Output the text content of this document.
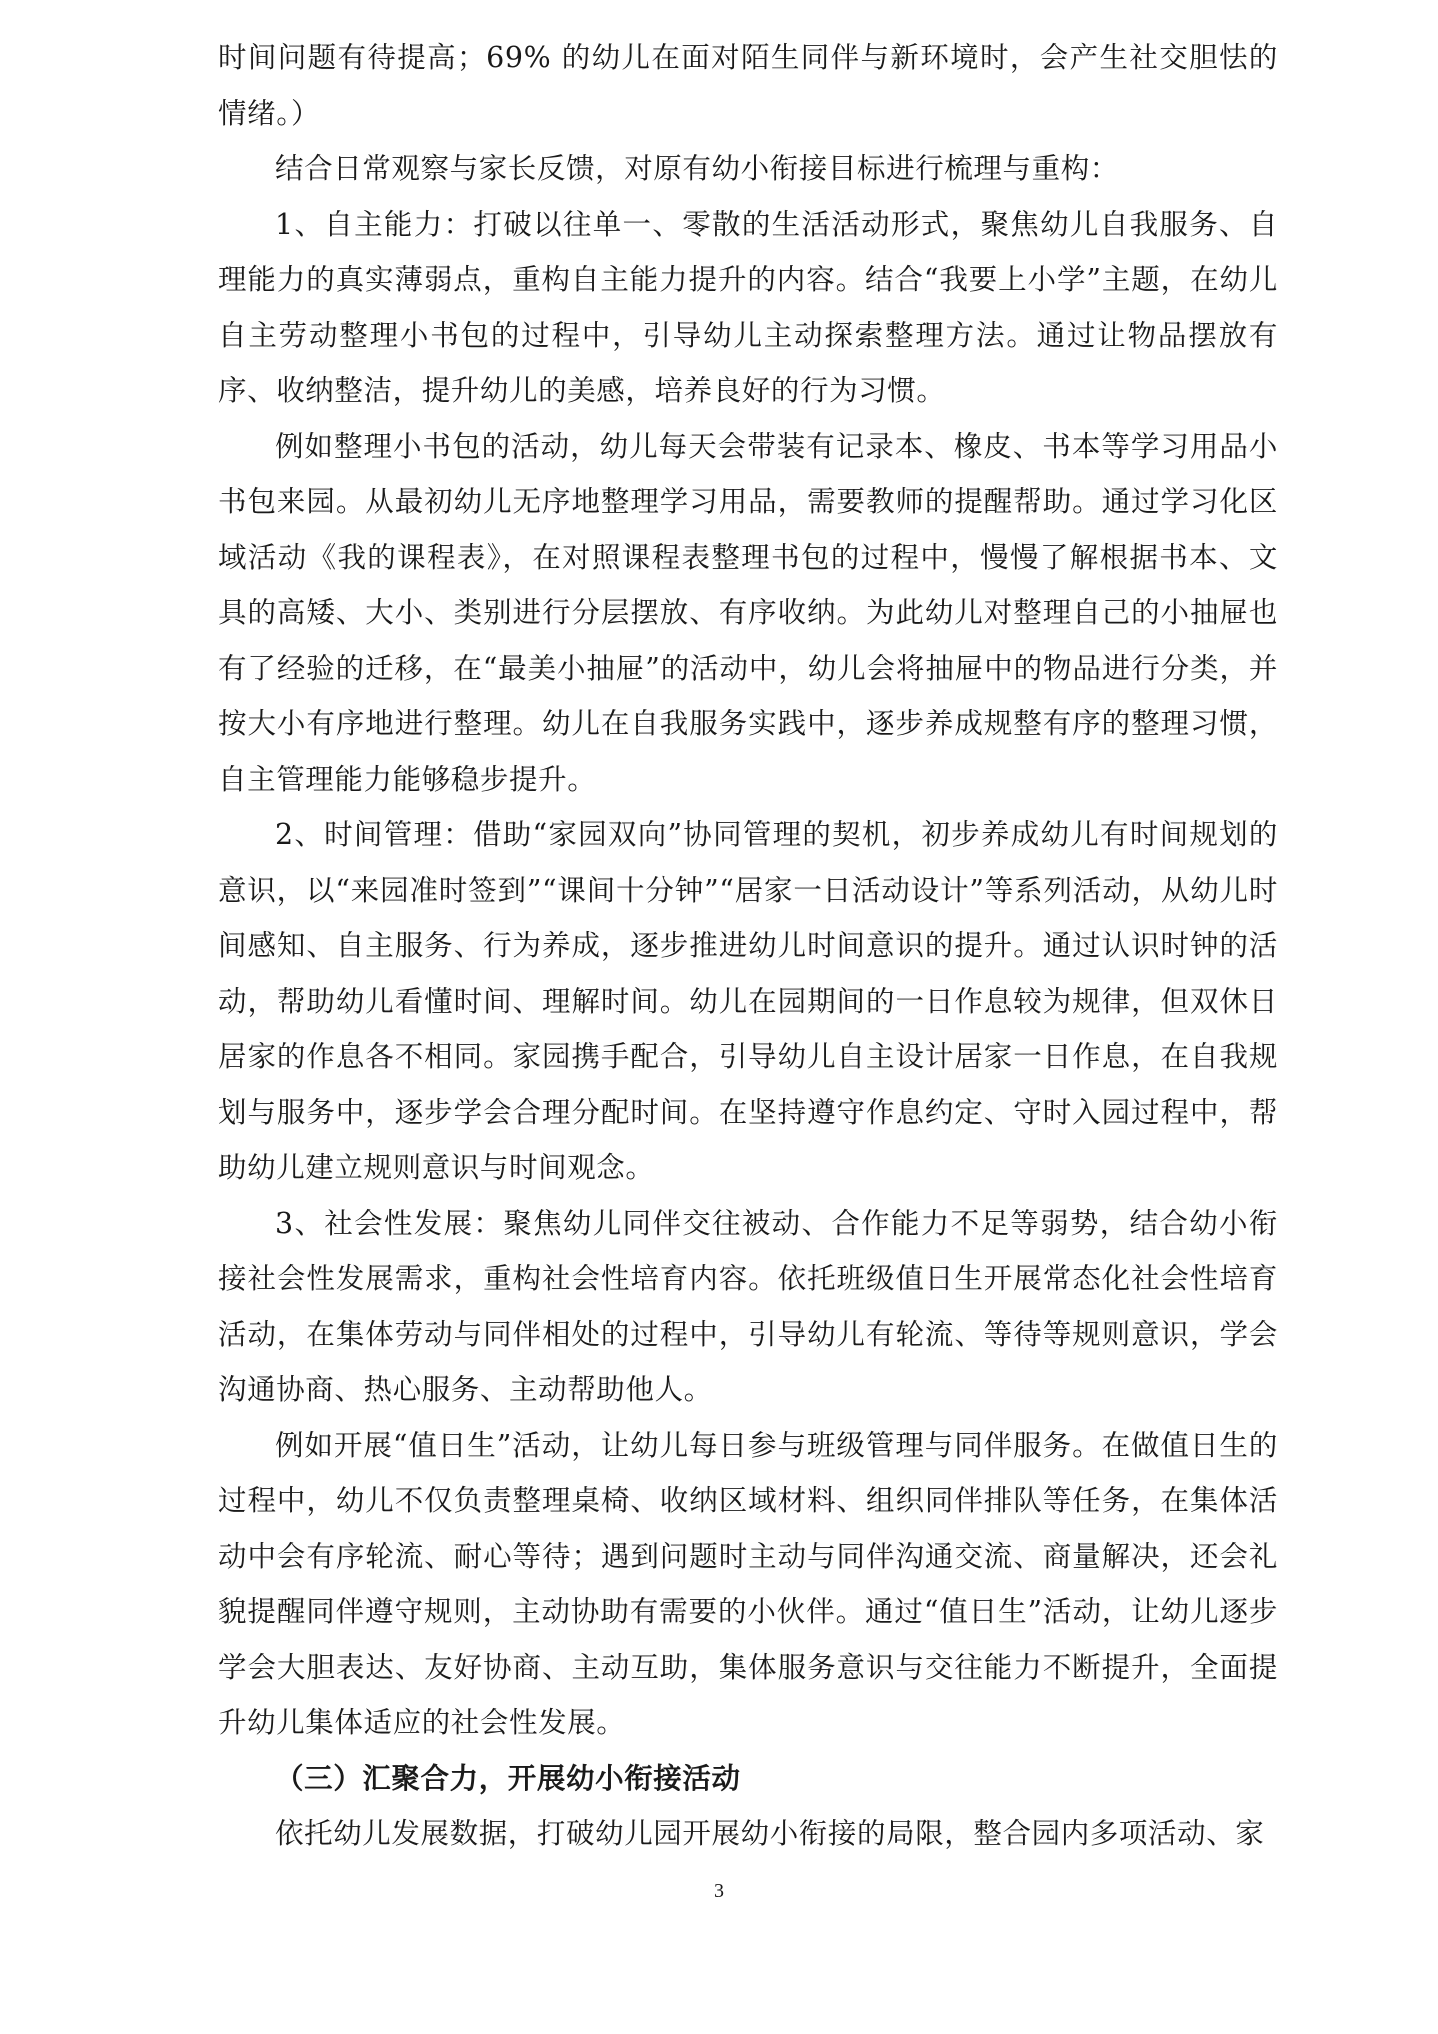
时间问题有待提高；69% 的幼儿在面对陌生同伴与新环境时，会产生社交胆怯的情绪。）

结合日常观察与家长反馈，对原有幼小衔接目标进行梳理与重构：

1、自主能力：打破以往单一、零散的生活活动形式，聚焦幼儿自我服务、自理能力的真实薄弱点，重构自主能力提升的内容。结合“我要上小学”主题，在幼儿自主劳动整理小书包的过程中，引导幼儿主动探索整理方法。通过让物品摆放有序、收纳整洁，提升幼儿的美感，培养良好的行为习惯。

例如整理小书包的活动，幼儿每天会带装有记录本、橡皮、书本等学习用品小书包来园。从最初幼儿无序地整理学习用品，需要教师的提醒帮助。通过学习化区域活动《我的课程表》，在对照课程表整理书包的过程中，慢慢了解根据书本、文具的高矮、大小、类别进行分层摆放、有序收纳。为此幼儿对整理自己的小抽屉也有了经验的迁移，在“最美小抽屉”的活动中，幼儿会将抽屉中的物品进行分类，并按大小有序地进行整理。幼儿在自我服务实践中，逐步养成规整有序的整理习惯，自主管理能力能够稳步提升。

2、时间管理：借助“家园双向”协同管理的契机，初步养成幼儿有时间规划的意识，以“来园准时签到”“课间十分钟”“居家一日活动设计”等系列活动，从幼儿时间感知、自主服务、行为养成，逐步推进幼儿时间意识的提升。通过认识时钟的活动，帮助幼儿看懂时间、理解时间。幼儿在园期间的一日作息较为规律，但双休日居家的作息各不相同。家园携手配合，引导幼儿自主设计居家一日作息，在自我规划与服务中，逐步学会合理分配时间。在坚持遵守作息约定、守时入园过程中，帮助幼儿建立规则意识与时间观念。

3、社会性发展：聚焦幼儿同伴交往被动、合作能力不足等弱势，结合幼小衔接社会性发展需求，重构社会性培育内容。依托班级值日生开展常态化社会性培育活动，在集体劳动与同伴相处的过程中，引导幼儿有轮流、等待等规则意识，学会沟通协商、热心服务、主动帮助他人。

例如开展“值日生”活动，让幼儿每日参与班级管理与同伴服务。在做值日生的过程中，幼儿不仅负责整理桌椅、收纳区域材料、组织同伴排队等任务，在集体活动中会有序轮流、耐心等待；遇到问题时主动与同伴沟通交流、商量解决，还会礼貌提醒同伴遵守规则，主动协助有需要的小伙伴。通过“值日生”活动，让幼儿逐步学会大胆表达、友好协商、主动互助，集体服务意识与交往能力不断提升，全面提升幼儿集体适应的社会性发展。

（三）汇聚合力，开展幼小衔接活动

依托幼儿发展数据，打破幼儿园开展幼小衔接的局限，整合园内多项活动、家

3
